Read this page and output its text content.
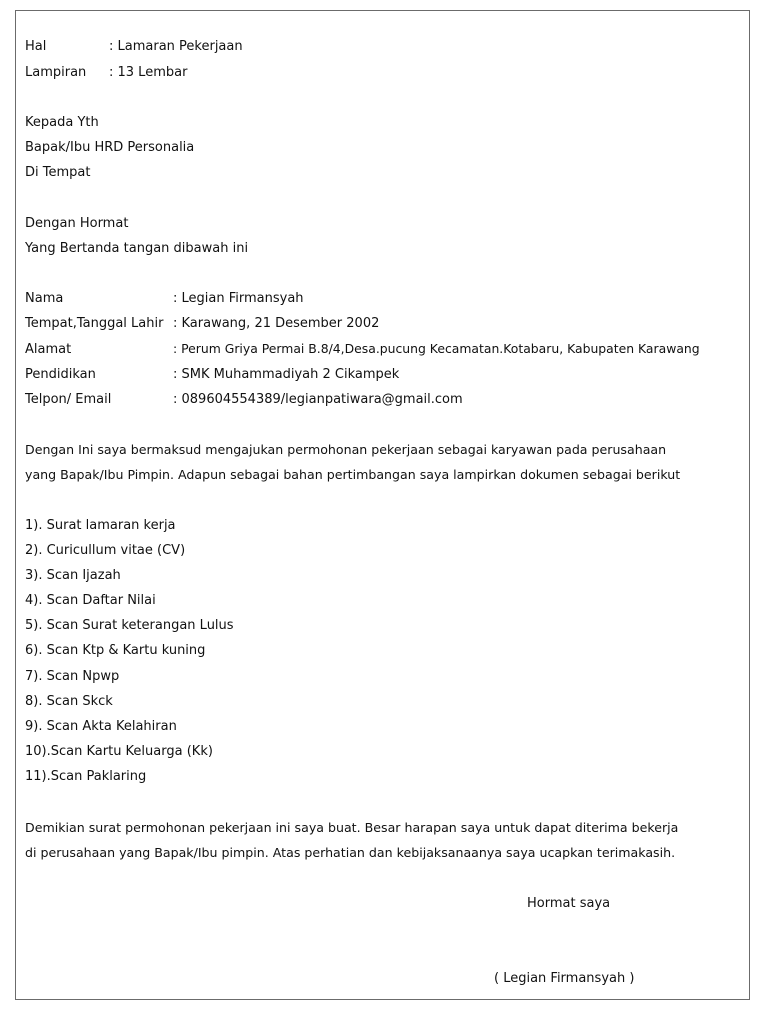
Hal	: Lamaran Pekerjaan
Lampiran : 13 Lembar
Kepada Yth
Bapak/Ibu HRD Personalia
Di Tempat
Dengan Hormat
Yang Bertanda tangan dibawah ini
Nama	: Legian Firmansyah
Tempat,Tanggal Lahir : Karawang, 21 Desember 2002
Alamat	: Perum Griya Permai B.8/4,Desa.pucung Kecamatan.Kotabaru, Kabupaten Karawang
Pendidikan	: SMK Muhammadiyah 2 Cikampek
Telpon/ Email	: 089604554389/legianpatiwara@gmail.com
Dengan Ini saya bermaksud mengajukan permohonan pekerjaan sebagai karyawan pada perusahaan
yang Bapak/Ibu Pimpin. Adapun sebagai bahan pertimbangan saya lampirkan dokumen sebagai berikut
1). Surat lamaran kerja
2). Curicullum vitae (CV)
3). Scan Ijazah
4). Scan Daftar Nilai
5). Scan Surat keterangan Lulus
6). Scan Ktp & Kartu kuning
7). Scan Npwp
8). Scan Skck
9). Scan Akta Kelahiran
10).Scan Kartu Keluarga (Kk)
11).Scan Paklaring
Demikian surat permohonan pekerjaan ini saya buat. Besar harapan saya untuk dapat diterima bekerja
di perusahaan yang Bapak/Ibu pimpin. Atas perhatian dan kebijaksanaanya saya ucapkan terimakasih.
Hormat saya
( Legian Firmansyah )
